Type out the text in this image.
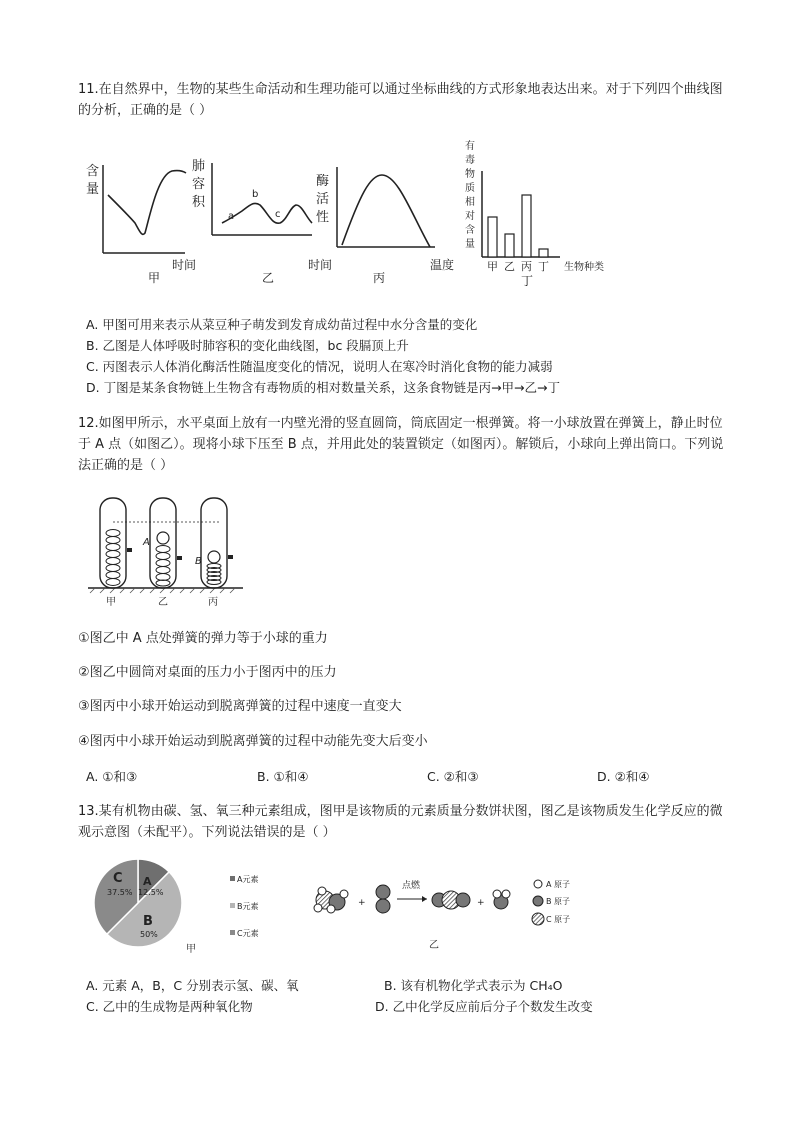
11.在自然界中，生物的某些生命活动和生理功能可以通过坐标曲线的方式形象地表达出来。对于下列四个曲线图的分析，正确的是（ ）
含
量
时间
甲
肺
容
积
a
b
c
时间
乙
酶
活
性
温度
丙
有
毒
物
质
相
对
含
量
甲 乙 丙 丁 生物种类
丁
A. 甲图可用来表示从菜豆种子萌发到发育成幼苗过程中水分含量的变化
B. 乙图是人体呼吸时肺容积的变化曲线图，bc 段膈顶上升
C. 丙图表示人体消化酶活性随温度变化的情况，说明人在寒冷时消化食物的能力减弱
D. 丁图是某条食物链上生物含有毒物质的相对数量关系，这条食物链是丙→甲→乙→丁
12.如图甲所示，水平桌面上放有一内壁光滑的竖直圆筒，筒底固定一根弹簧。将一小球放置在弹簧上，静止时位于 A 点（如图乙）。现将小球下压至 B 点，并用此处的装置锁定（如图丙）。解锁后，小球向上弹出筒口。下列说法正确的是（ ）
A
B
甲	乙	丙
①图乙中 A 点处弹簧的弹力等于小球的重力
②图乙中圆筒对桌面的压力小于图丙中的压力
③图丙中小球开始运动到脱离弹簧的过程中速度一直变大
④图丙中小球开始运动到脱离弹簧的过程中动能先变大后变小
A. ①和③	B. ①和④	C. ②和③	D. ②和④
13.某有机物由碳、氢、氧三种元素组成，图甲是该物质的元素质量分数饼状图，图乙是该物质发生化学反应的微观示意图（未配平）。下列说法错误的是（ ）
A
12.5%
B
50%
C
37.5%
甲
A元素
B元素
C元素
+
点燃
+
A 原子
B 原子
C 原子
乙
A. 元素 A，B，C 分别表示氢、碳、氧	B. 该有机物化学式表示为 CH₄O
C. 乙中的生成物是两种氧化物	D. 乙中化学反应前后分子个数发生改变
